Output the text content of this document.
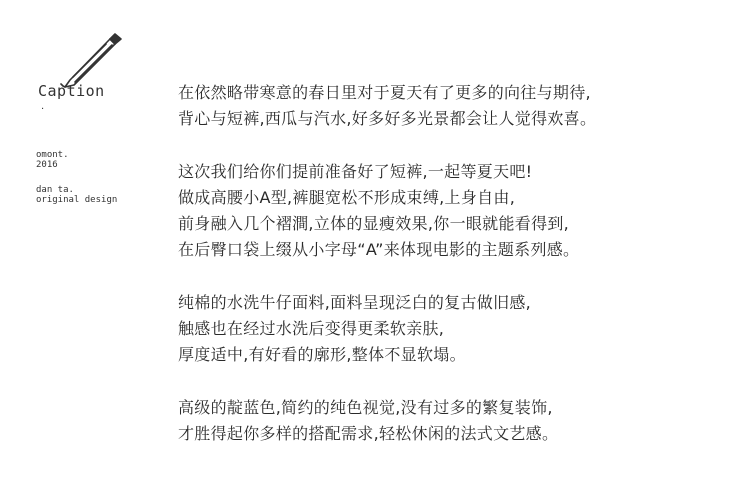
Caption
·
omont.
2016
dan ta.
original design
在依然略带寒意的春日里对于夏天有了更多的向往与期待,
背心与短裤,西瓜与汽水,好多好多光景都会让人觉得欢喜。
这次我们给你们提前准备好了短裤,一起等夏天吧!
做成高腰小A型,裤腿宽松不形成束缚,上身自由,
前身融入几个褶澗,立体的显瘦效果,你一眼就能看得到,
在后臀口袋上缀从小字母“A”来体现电影的主题系列感。
纯棉的水洗牛仔面料,面料呈现泛白的复古做旧感,
触感也在经过水洗后变得更柔软亲肤,
厚度适中,有好看的廓形,整体不显软塌。
高级的靛蓝色,简约的纯色视觉,没有过多的繁复装饰,
才胜得起你多样的搭配需求,轻松休闲的法式文艺感。
